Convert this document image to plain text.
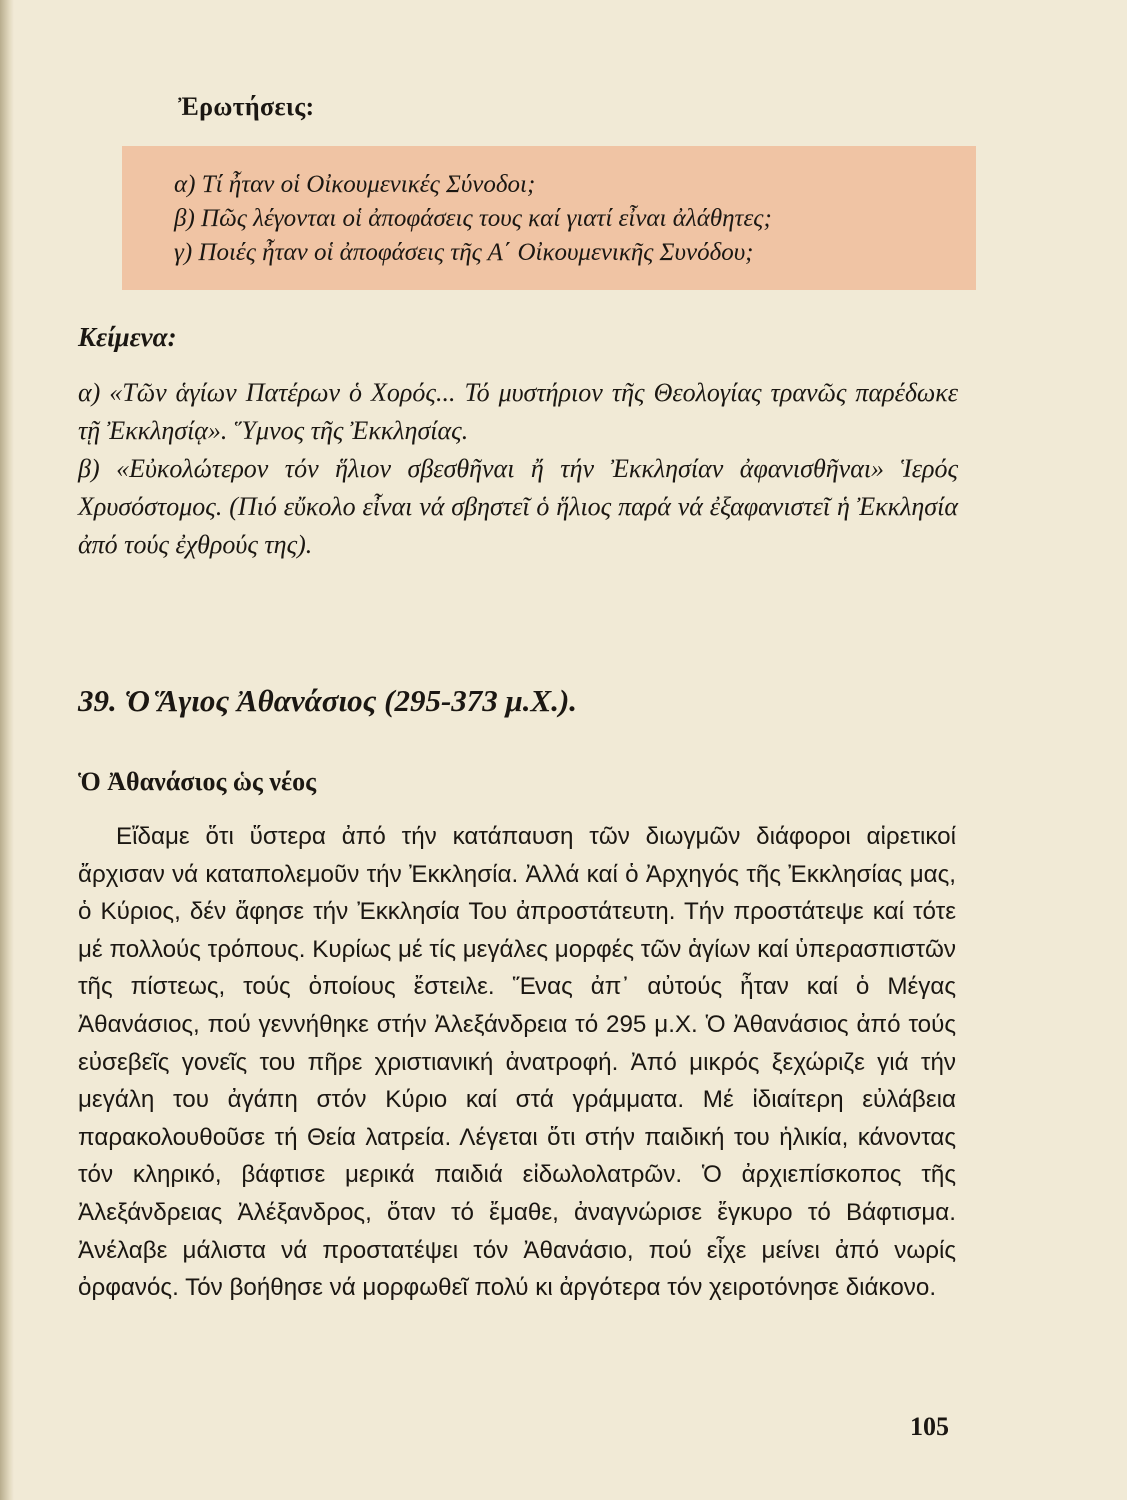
Ἐρωτήσεις:
α) Τί ἦταν οἱ Οἰκουμενικές Σύνοδοι;
β) Πῶς λέγονται οἱ ἀποφάσεις τους καί γιατί εἶναι ἀλάθητες;
γ) Ποιές ἦταν οἱ ἀποφάσεις τῆς Α΄ Οἰκουμενικῆς Συνόδου;
Κείμενα:

α) «Τῶν ἁγίων Πατέρων ὁ Χορός... Τό μυστήριον τῆς Θεολογίας τρανῶς παρέδωκε τῇ Ἐκκλησίᾳ». Ὕμνος τῆς Ἐκκλησίας.

β) «Εὐκολώτερον τόν ἥλιον σβεσθῆναι ἤ τήν Ἐκκλησίαν ἀφανισθῆναι» Ἱερός Χρυσόστομος. (Πιό εὔκολο εἶναι νά σβηστεῖ ὁ ἥλιος παρά νά ἐξαφανιστεῖ ἡ Ἐκκλησία ἀπό τούς ἐχθρούς της).

39. Ὁ Ἅγιος Ἀθανάσιος (295-373 μ.Χ.).
Ὁ Ἀθανάσιος ὡς νέος

Εἴδαμε ὅτι ὕστερα ἀπό τήν κατάπαυση τῶν διωγμῶν διάφοροι αἱρετικοί ἄρχισαν νά καταπολεμοῦν τήν Ἐκκλησία. Ἀλλά καί ὁ Ἀρχηγός τῆς Ἐκκλησίας μας, ὁ Κύριος, δέν ἄφησε τήν Ἐκκλησία Του ἀπροστάτευτη. Τήν προστάτεψε καί τότε μέ πολλούς τρόπους. Κυρίως μέ τίς μεγάλες μορφές τῶν ἁγίων καί ὑπερασπιστῶν τῆς πίστεως, τούς ὁποίους ἔστειλε. Ἕνας ἀπ᾿ αὐτούς ἦταν καί ὁ Μέγας Ἀθανάσιος, πού γεννήθηκε στήν Ἀλεξάνδρεια τό 295 μ.Χ. Ὁ Ἀθανάσιος ἀπό τούς εὐσεβεῖς γονεῖς του πῆρε χριστιανική ἀνατροφή. Ἀπό μικρός ξεχώριζε γιά τήν μεγάλη του ἀγάπη στόν Κύριο καί στά γράμματα. Μέ ἰδιαίτερη εὐλάβεια παρακολουθοῦσε τή Θεία λατρεία. Λέγεται ὅτι στήν παιδική του ἡλικία, κάνοντας τόν κληρικό, βάφτισε μερικά παιδιά εἰδωλολατρῶν. Ὁ ἀρχιεπίσκοπος τῆς Ἀλεξάνδρειας Ἀλέξανδρος, ὅταν τό ἔμαθε, ἀναγνώρισε ἔγκυρο τό Βάφτισμα. Ἀνέλαβε μάλιστα νά προστατέψει τόν Ἀθανάσιο, πού εἶχε μείνει ἀπό νωρίς ὀρφανός. Τόν βοήθησε νά μορφωθεῖ πολύ κι ἀργότερα τόν χειροτόνησε διάκονο.

105
